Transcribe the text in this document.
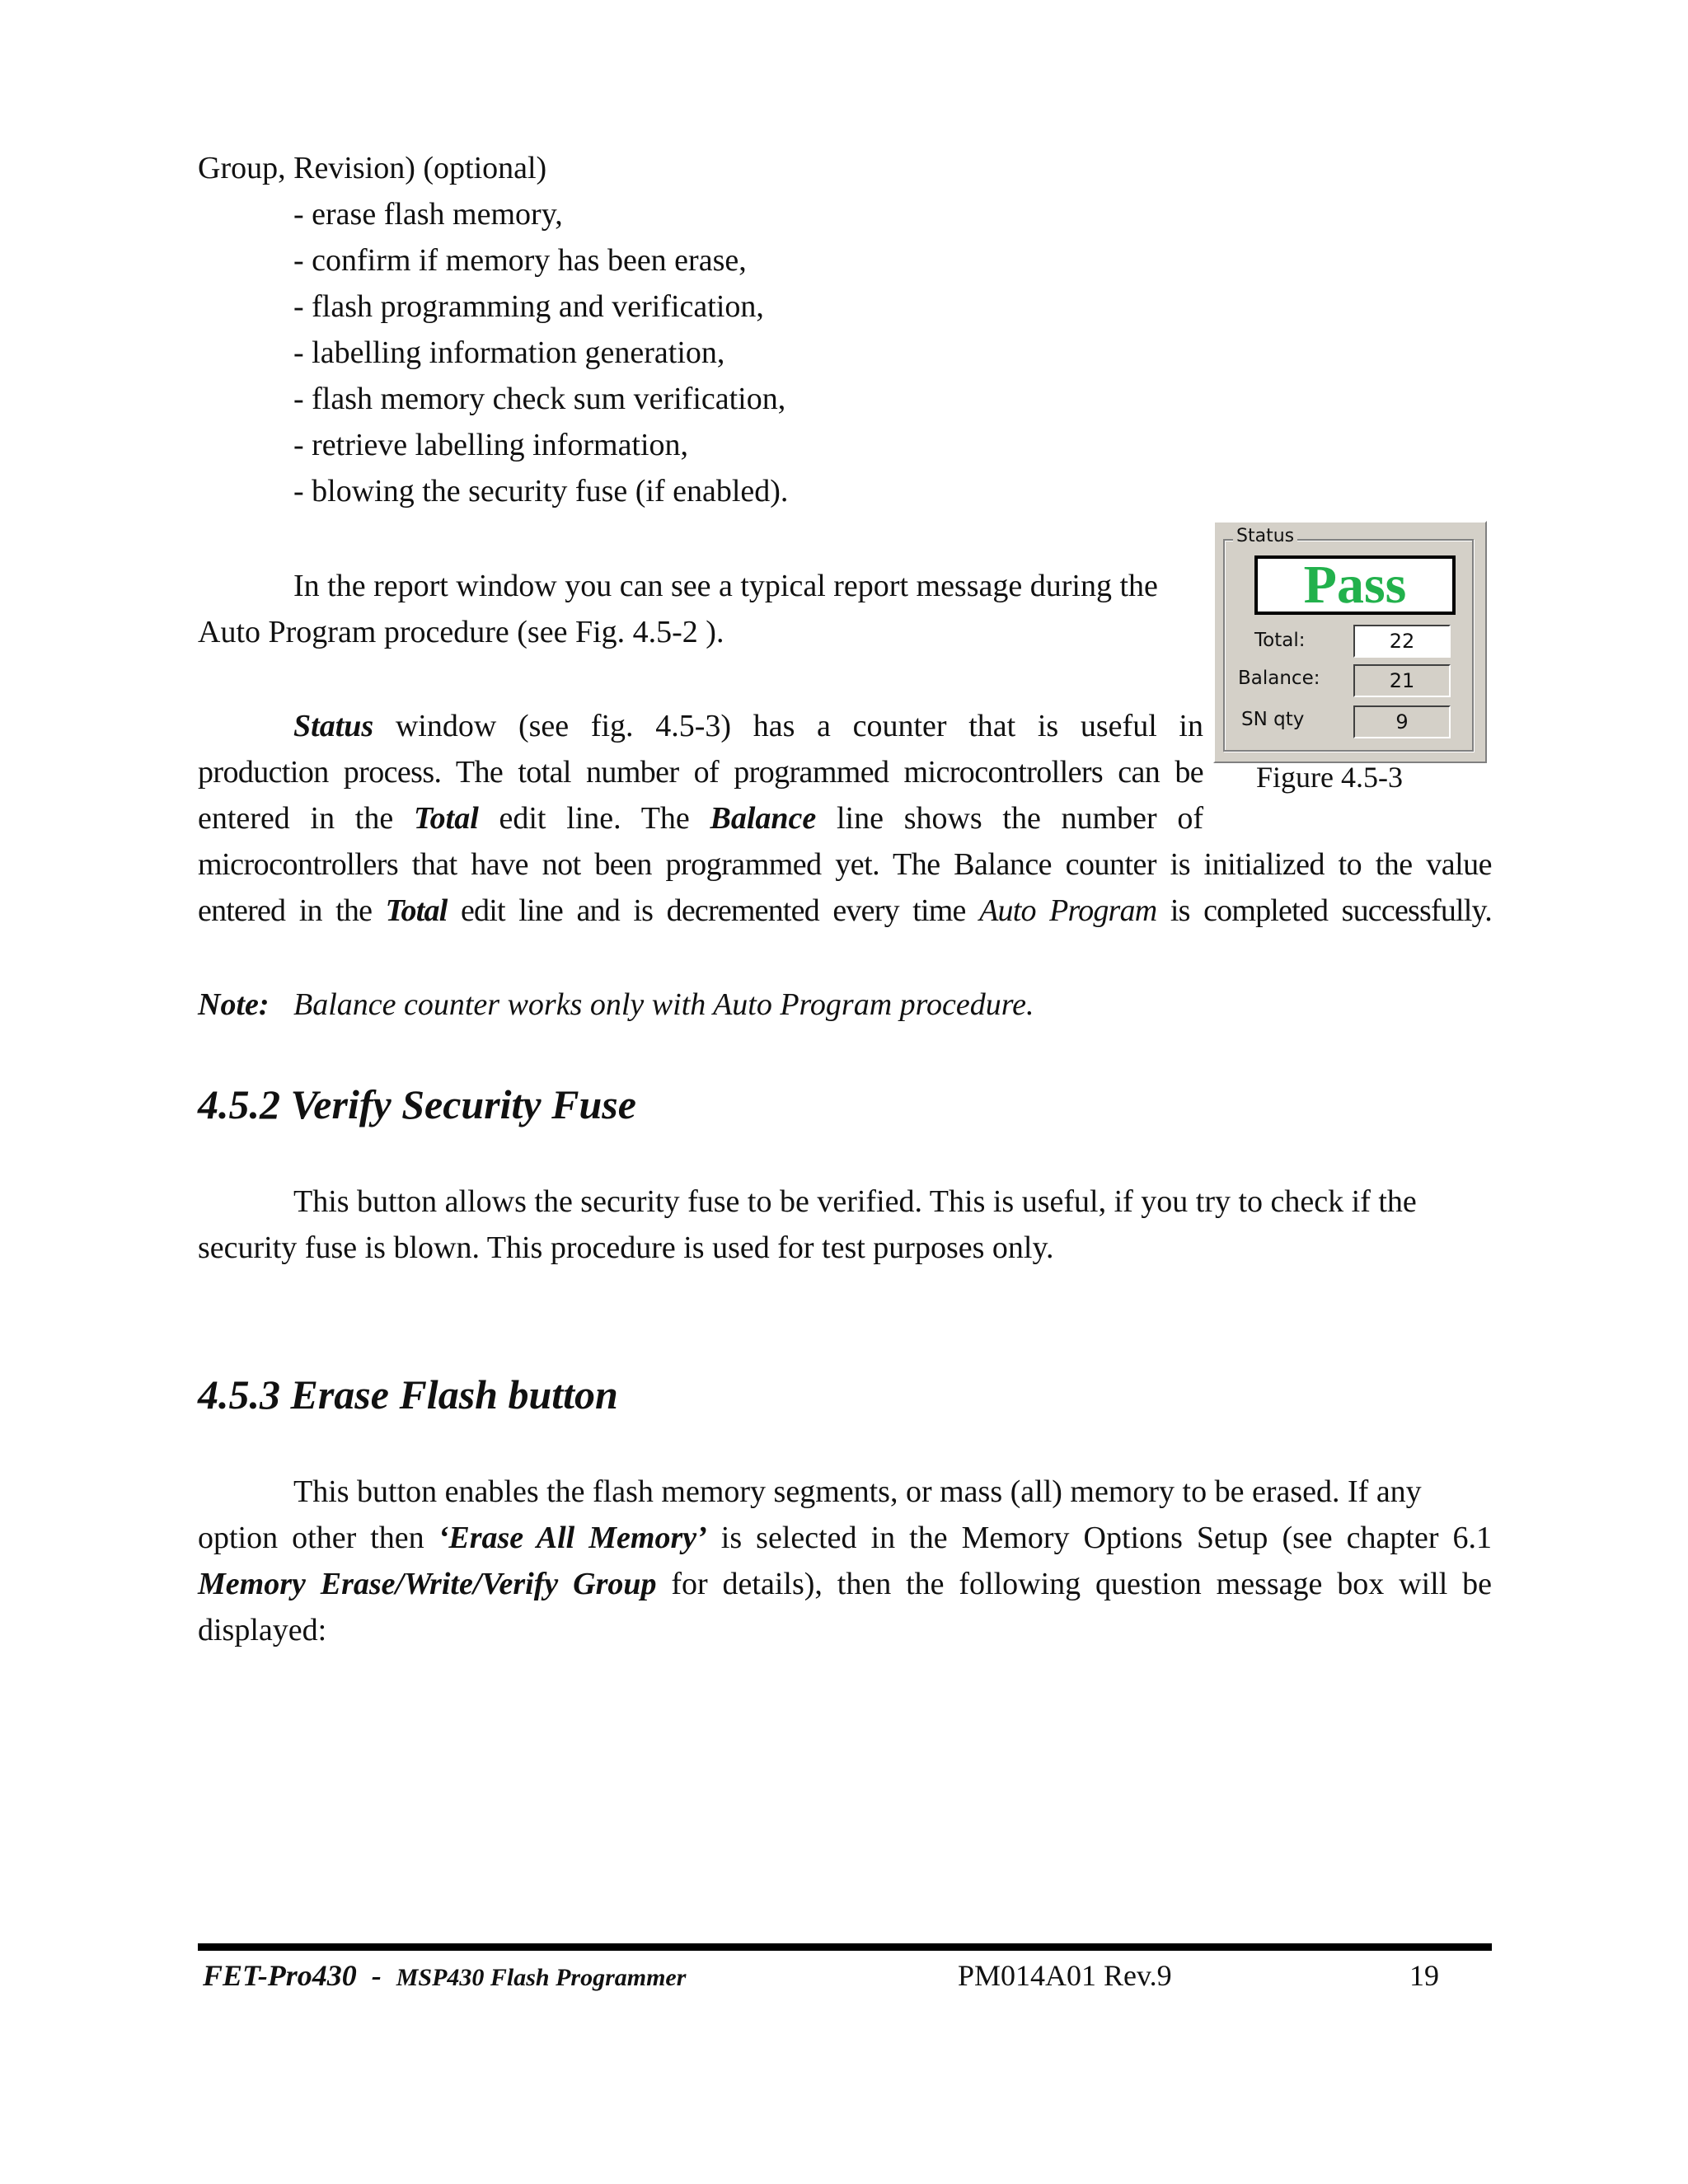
Group, Revision) (optional)
- erase flash memory,
- confirm if memory has been erase,
- flash programming and verification,
- labelling information generation,
- flash memory check sum verification,
- retrieve labelling information,
- blowing the security fuse (if enabled).
In the report window you can see a typical report message during the
Auto Program procedure (see Fig. 4.5-2 ).
Status window (see fig. 4.5-3) has a counter that is useful in
production process. The total number of programmed microcontrollers can be
entered in the Total edit line. The Balance line shows the number of
microcontrollers that have not been programmed yet. The Balance counter is initialized to the value
entered in the Total edit line and is decremented every time Auto Program is completed successfully.
Note: Balance counter works only with Auto Program procedure.
4.5.2 Verify Security Fuse
This button allows the security fuse to be verified. This is useful, if you try to check if the
security fuse is blown. This procedure is used for test purposes only.
4.5.3 Erase Flash button
This button enables the flash memory segments, or mass (all) memory to be erased. If any
option other then ‘Erase All Memory’ is selected in the Memory Options Setup (see chapter 6.1
Memory Erase/Write/Verify Group for details), then the following question message box will be
displayed:
Status
Pass
Total:	22
Balance:	21
SN qty	9
Figure 4.5-3
FET-Pro430  -  MSP430 Flash Programmer	PM014A01 Rev.9	19
